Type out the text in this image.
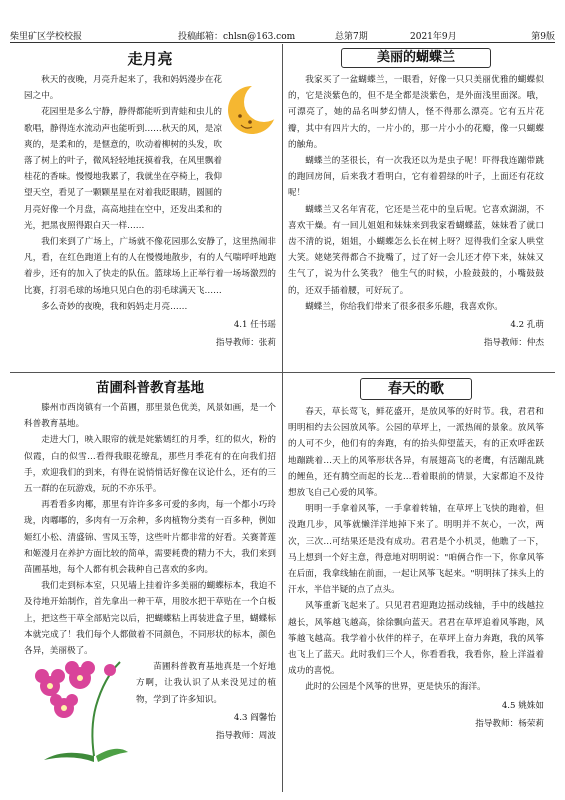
柴里矿区学校校报	投稿邮箱：chlsn@163.com	总第7期	2021年9月	第9版
走月亮

秋天的夜晚，月亮升起来了，我和妈妈漫步在花园之中。

花园里是多么宁静，静得都能听到青蛙和虫儿的歌唱，静得连水流动声也能听到……秋天的风，是凉爽的，是柔和的，是惬意的，吹动着柳树的头发，吹落了树上的叶子，微风轻轻地抚摸着我，在风里飘着桂花的香味。慢慢地我累了，我就坐在亭椅上，我仰望天空，看见了一颗颗星星在对着我眨眼睛，圆圆的月亮好像一个月盘，高高地挂在空中，还发出柔和的光，把黑夜照得跟白天一样……

我们来到了广场上，广场就不像花园那么安静了，这里热闹非凡，看，在红色跑道上有的人在慢慢地散步，有的人气喘呼呼地跑着步，还有的加入了快走的队伍。篮球场上正举行着一场场激烈的比赛，打羽毛球的场地只见白色的羽毛球满天飞……

多么奇妙的夜晚，我和妈妈走月亮……

4.1 任书瑶
指导教师：张莉
美丽的蝴蝶兰

我家买了一盆蝴蝶兰，一眼看，好像一只只美丽优雅的蝴蝶似的，它是淡紫色的，但不是全都是淡紫色，是外面浅里面深。哦，可漂亮了，她的品名叫梦幻情人，怪不得那么漂亮。它有五片花瓣，其中有四片大的，一片小的，那一片小小的花瓣，像一只蝴蝶的触角。

蝴蝶兰的茎很长，有一次我还以为是虫子呢！吓得我连蹦带跳的跑回房间，后来我才看明白，它有着碧绿的叶子，上面还有花纹呢！

蝴蝶兰又名年宵花，它还是兰花中的皇后呢。它喜欢湖湖，不喜欢干燥。有一回儿姐姐和妹妹来到我家看蝴蝶蓝，妹妹看了就口齿不清的说，姐姐，小蝴蝶怎么长在树上呀？逗得我们全家人哄堂大笑。姥姥笑得都合不拢嘴了，过了好一会儿还才停下来，妹妹又生气了，说为什么笑我？ 他生气的时候，小脸鼓鼓的，小嘴鼓鼓的，还双手插着腰，可好玩了。

蝴蝶兰，你给我们带来了很多很多乐趣，我喜欢你。

4.2 孔萌
指导教师：仲杰
苗圃科普教育基地

滕州市西岗镇有一个苗圃，那里景色优美，风景如画，是一个科普教育基地。

走进大门，映入眼帘的就是姹紫嫣红的月季，红的似火，粉的似霞，白的似雪…看得我眼花缭乱，那些月季花有的在向我们招手，欢迎我们的到来，有得在说悄悄话好像在议论什么，还有的三五一群的在玩游戏，玩的不亦乐乎。

再看看多肉椰，那里有许许多多可爱的多肉，每一个都小巧玲珑，肉嘟嘟的，多肉有一万余种，多肉植物分类有一百多种，例如姬红小松、清盛锦、雪凤玉等，这些叶片都非常的好看。关赛菁莲和姬漫月在养护方面比较的简单，需要耗费的精力不大，我们来到苗圃基地，每个人都有机会栽种自己喜欢的多肉。

我们走到标本室，只见墙上挂着许多美丽的蝴蝶标本，我迫不及待地开始制作，首先拿出一种干草，用胶水把干草贴在一个白板上，把这些干草全部贴完以后，把蝴蝶粘上再装进盒子里，蝴蝶标本就完成了！我们每个人都做着不同颜色，不同形状的标本，颜色各异，美丽极了。

苗圃科普教育基地真是一个好地方啊，让我认识了从来没见过的植物，学到了许多知识。

4.3 阎馨怡
指导教师：周波
春天的歌

春天，草长莺飞，鲜花盛开，是放风筝的好时节。我，君君和明明相约去公园放风筝。公园的草坪上，一派热闹的景象。放风筝的人可不少，他们有的奔跑，有的抬头仰望蓝天，有的正欢呼雀跃地蹦跳着…天上的风筝形状各异，有展翅高飞的老鹰，有活蹦乱跳的鲤鱼，还有腾空而起的长龙…看着眼前的情景，大家都迫不及待想放飞自己心爱的风筝。

明明一手拿着风筝，一手拿着转轴，在草坪上飞快的跑着，但没跑几步，风筝就懒洋洋地掉下来了。明明并不灰心，一次，两次，三次…可结果还是没有成功。君君是个小机灵，他瞧了一下，马上想到一个好主意，得意地对明明说："咱俩合作一下，你拿风筝在后面，我拿线轴在前面，一起让风筝飞起来。"明明抹了抹头上的汗水，半信半疑的点了点头。

风筝重新飞起来了。只见君君迎跑边摇动线轴，手中的线越拉越长，风筝越飞越高，徐徐飘向蓝天。君君在草坪追着风筝跑，风筝越飞越高。我学着小伙伴的样子，在草坪上奋力奔跑，我的风筝也飞上了蓝天。此时我们三个人，你看看我，我看你，脸上洋溢着成功的喜悦。

此时的公园是个风筝的世界，更是快乐的海洋。

4.5 姚姝如
指导教师：杨荣莉
